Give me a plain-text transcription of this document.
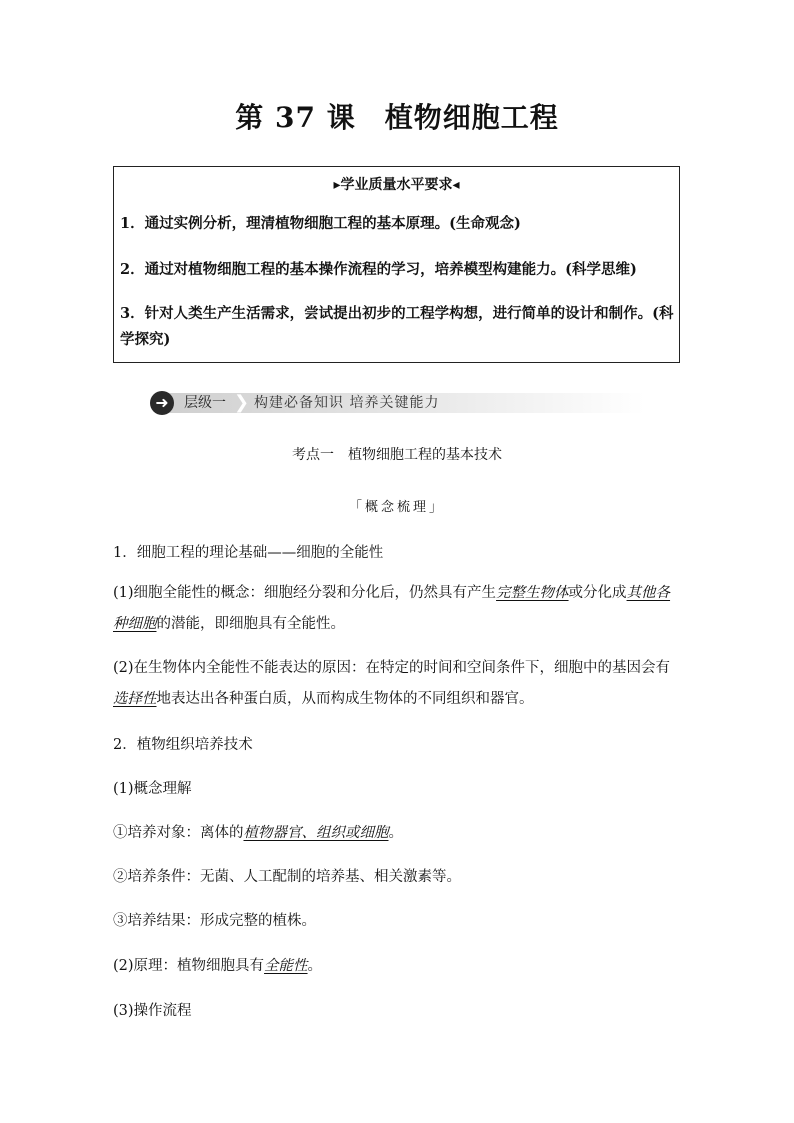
第 37 课　植物细胞工程
▸学业质量水平要求◂
1．通过实例分析，理清植物细胞工程的基本原理。(生命观念)
2．通过对植物细胞工程的基本操作流程的学习，培养模型构建能力。(科学思维)
3．针对人类生产生活需求，尝试提出初步的工程学构想，进行简单的设计和制作。(科学探究)
➜	层级一 ❯ 构建必备知识 培养关键能力
考点一　植物细胞工程的基本技术
「概念梳理」
1．细胞工程的理论基础——细胞的全能性
(1)细胞全能性的概念：细胞经分裂和分化后，仍然具有产生完整生物体或分化成其他各种细胞的潜能，即细胞具有全能性。
(2)在生物体内全能性不能表达的原因：在特定的时间和空间条件下，细胞中的基因会有选择性地表达出各种蛋白质，从而构成生物体的不同组织和器官。
2．植物组织培养技术
(1)概念理解
①培养对象：离体的植物器官、组织或细胞。
②培养条件：无菌、人工配制的培养基、相关激素等。
③培养结果：形成完整的植株。
(2)原理：植物细胞具有全能性。
(3)操作流程
